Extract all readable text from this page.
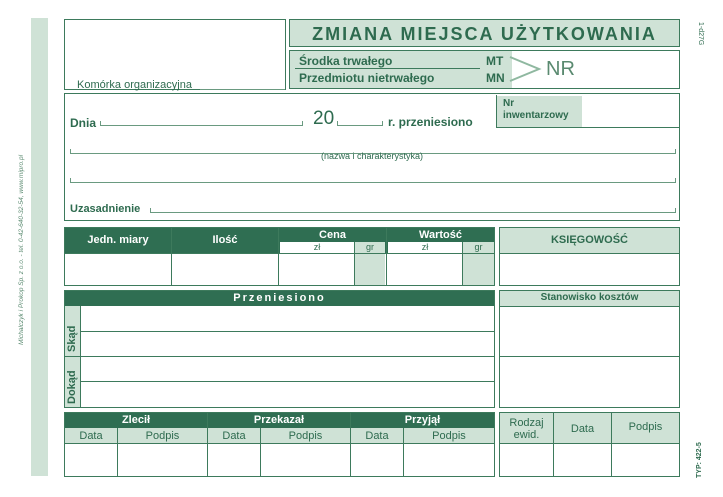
Michalczyk i Prokop Sp. z o.o. - tel. 0-42-640-32-54, www.mipro.pl
1-d27G
TYP: 422-5
Komórka organizacyjna
ZMIANA MIEJSCA UŻYTKOWANIA
Środka trwałego	MT
Przedmiotu nietrwałego	MN NR
Dnia	20	r. przeniesiono
Nr
inwentarzowy
(nazwa i charakterystyka)
Uzasadnienie
Jedn. miary	Ilość	Cena	Wartość
zł	gr	zł	gr
KSIĘGOWOŚĆ
Przeniesiono
Skąd
Dokąd
Stanowisko kosztów
Zlecił	Przekazał	Przyjął
Data	Podpis	Data	Podpis	Data	Podpis
Rodzaj
ewid.	Data	Podpis
